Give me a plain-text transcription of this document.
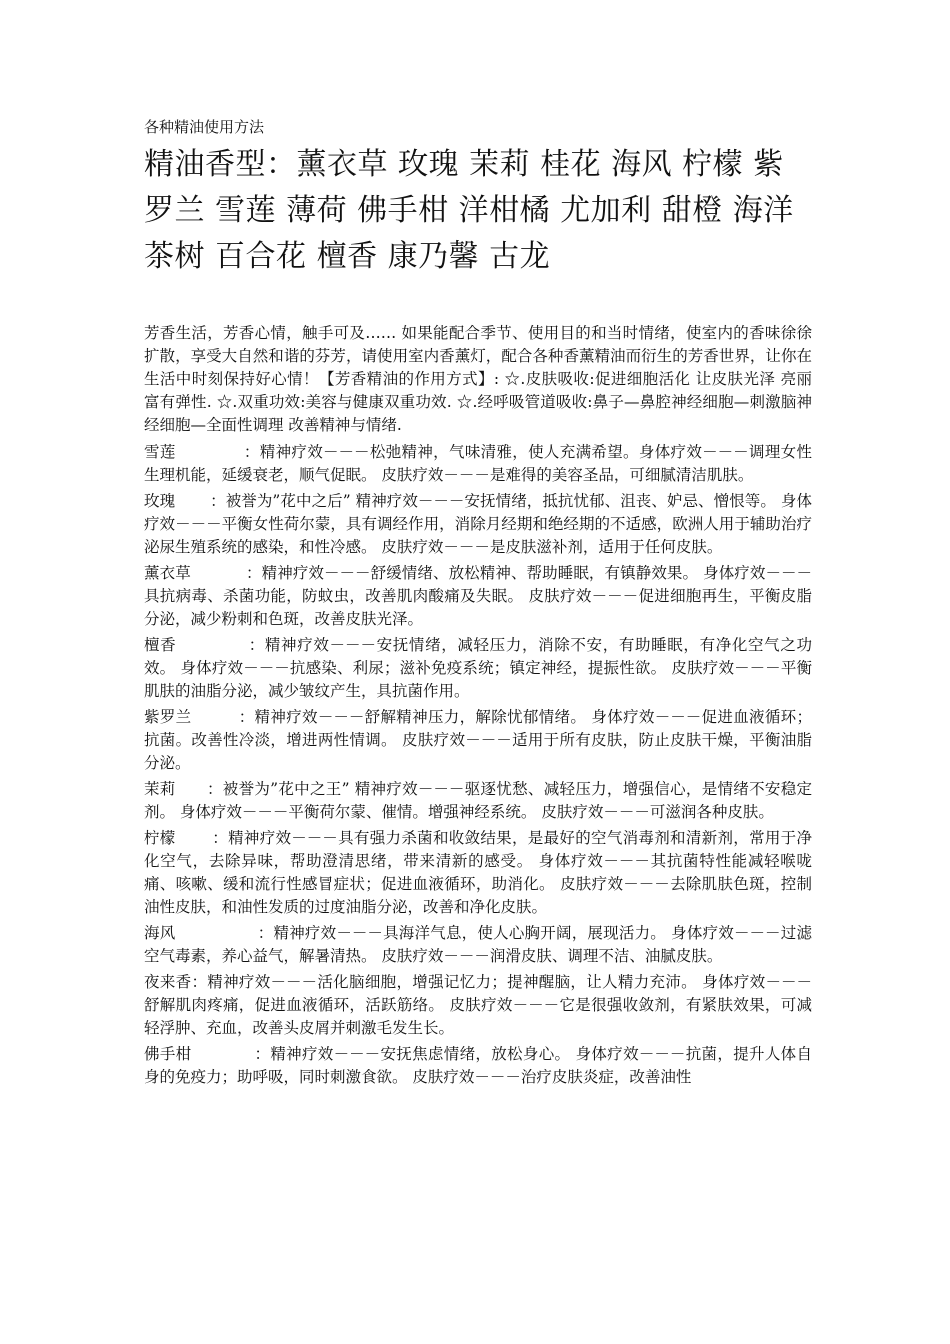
各种精油使用方法

精油香型：薰衣草 玫瑰 茉莉 桂花 海风 柠檬 紫罗兰 雪莲 薄荷 佛手柑 洋柑橘 尤加利 甜橙 海洋 茶树 百合花 檀香 康乃馨 古龙

芳香生活，芳香心情，触手可及…… 如果能配合季节、使用目的和当时情绪，使室内的香味徐徐扩散，享受大自然和谐的芬芳，请使用室内香薰灯，配合各种香薰精油而衍生的芳香世界，让你在生活中时刻保持好心情！【芳香精油的作用方式】: ☆.皮肤吸收:促进细胞活化 让皮肤光泽 亮丽 富有弹性. ☆.双重功效:美容与健康双重功效. ☆.经呼吸管道吸收:鼻子—鼻腔神经细胞—刺激脑神经细胞—全面性调理 改善精神与情绪.

雪莲             ：精神疗效－－－松弛精神，气味清雅，使人充满希望。身体疗效－－－调理女性生理机能，延缓衰老，顺气促眠。 皮肤疗效－－－是难得的美容圣品，可细腻清洁肌肤。

玫瑰       ：被誉为”花中之后” 精神疗效－－－安抚情绪，抵抗忧郁、沮丧、妒忌、憎恨等。 身体疗效－－－平衡女性荷尔蒙，具有调经作用，消除月经期和绝经期的不适感，欧洲人用于辅助治疗泌尿生殖系统的感染，和性冷感。 皮肤疗效－－－是皮肤滋补剂，适用于任何皮肤。

薰衣草           ：精神疗效－－－舒缓情绪、放松精神、帮助睡眠，有镇静效果。 身体疗效－－－具抗病毒、杀菌功能，防蚊虫，改善肌肉酸痛及失眠。 皮肤疗效－－－促进细胞再生，平衡皮脂分泌，减少粉刺和色斑，改善皮肤光泽。

檀香             ：精神疗效－－－安抚情绪，减轻压力，消除不安，有助睡眠，有净化空气之功效。 身体疗效－－－抗感染、利尿；滋补免疫系统；镇定神经，提振性欲。 皮肤疗效－－－平衡肌肤的油脂分泌，减少皱纹产生，具抗菌作用。

紫罗兰         ：精神疗效－－－舒解精神压力，解除忧郁情绪。 身体疗效－－－促进血液循环；抗菌。改善性冷淡，增进两性情调。 皮肤疗效－－－适用于所有皮肤，防止皮肤干燥，平衡油脂分泌。

茉莉      ：被誉为”花中之王” 精神疗效－－－驱逐忧愁、减轻压力，增强信心，是情绪不安稳定剂。 身体疗效－－－平衡荷尔蒙、催情。增强神经系统。 皮肤疗效－－－可滋润各种皮肤。

柠檬       ：精神疗效－－－具有强力杀菌和收敛结果，是最好的空气消毒剂和清新剂，常用于净化空气，去除异味，帮助澄清思绪，带来清新的感受。 身体疗效－－－其抗菌特性能减轻喉咙痛、咳嗽、缓和流行性感冒症状；促进血液循环，助消化。 皮肤疗效－－－去除肌肤色斑，控制油性皮肤，和油性发质的过度油脂分泌，改善和净化皮肤。

海风                ：精神疗效－－－具海洋气息，使人心胸开阔，展现活力。 身体疗效－－－过滤空气毒素，养心益气，解暑清热。 皮肤疗效－－－润滑皮肤、调理不洁、油腻皮肤。

夜来香：精神疗效－－－活化脑细胞，增强记忆力；提神醒脑，让人精力充沛。 身体疗效－－－舒解肌肉疼痛，促进血液循环，活跃筋络。 皮肤疗效－－－它是很强收敛剂，有紧肤效果，可减轻浮肿、充血，改善头皮屑并刺激毛发生长。

佛手柑            ：精神疗效－－－安抚焦虑情绪，放松身心。 身体疗效－－－抗菌，提升人体自身的免疫力；助呼吸，同时刺激食欲。 皮肤疗效－－－治疗皮肤炎症，改善油性
